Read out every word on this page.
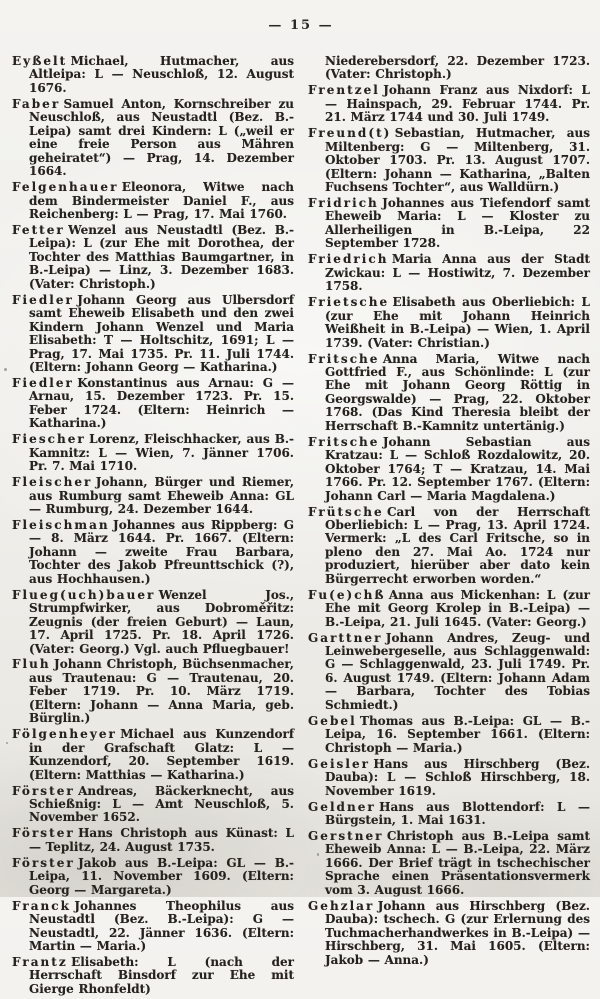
— 15 —

Eyßelt Michael, Hutmacher, aus Altleipa: L — Neuschloß, 12. August 1676.

Faber Samuel Anton, Kornschreiber zu Neuschloß, aus Neustadtl (Bez. B.-Leipa) samt drei Kindern: L („weil er eine freie Person aus Mähren geheiratet“) — Prag, 14. Dezember 1664.

Felgenhauer Eleonora, Witwe nach dem Bindermeister Daniel F., aus Reichenberg: L — Prag, 17. Mai 1760.

Fetter Wenzel aus Neustadtl (Bez. B.-Leipa): L (zur Ehe mit Dorothea, der Tochter des Matthias Baumgartner, in B.-Leipa) — Linz, 3. Dezember 1683. (Vater: Christoph.)

Fiedler Johann Georg aus Ulbersdorf samt Eheweib Elisabeth und den zwei Kindern Johann Wenzel und Maria Elisabeth: T — Holtschitz, 1691; L — Prag, 17. Mai 1735. Pr. 11. Juli 1744. (Eltern: Johann Georg — Katharina.)

Fiedler Konstantinus aus Arnau: G — Arnau, 15. Dezember 1723. Pr. 15. Feber 1724. (Eltern: Heinrich — Katharina.)

Fiescher Lorenz, Fleischhacker, aus B.-Kamnitz: L — Wien, 7. Jänner 1706. Pr. 7. Mai 1710.

Fleischer Johann, Bürger und Riemer, aus Rumburg samt Eheweib Anna: GL — Rumburg, 24. Dezember 1644.

Fleischman Johannes aus Rippberg: G — 8. März 1644. Pr. 1667. (Eltern: Johann — zweite Frau Barbara, Tochter des Jakob Pfreunttschick (?), aus Hochhausen.)

Flueg(uch)bauer Wenzel Jos., Strumpfwirker, aus Dobroměřitz: Zeugnis (der freien Geburt) — Laun, 17. April 1725. Pr. 18. April 1726. (Vater: Georg.) Vgl. auch Pfluegbauer!

Fluh Johann Christoph, Büchsenmacher, aus Trautenau: G — Trautenau, 20. Feber 1719. Pr. 10. März 1719. (Eltern: Johann — Anna Maria, geb. Bürglin.)

Fölgenheyer Michael aus Kunzendorf in der Grafschaft Glatz: L — Kunzendorf, 20. September 1619. (Eltern: Matthias — Katharina.)

Förster Andreas, Bäckerknecht, aus Schießnig: L — Amt Neuschloß, 5. November 1652.

Förster Hans Christoph aus Künast: L — Teplitz, 24. August 1735.

Förster Jakob aus B.-Leipa: GL — B.-Leipa, 11. November 1609. (Eltern: Georg — Margareta.)

Franck Johannes Theophilus aus Neustadtl (Bez. B.-Leipa): G — Neustadtl, 22. Jänner 1636. (Eltern: Martin — Maria.)

Frantz Elisabeth: L (nach der Herrschaft Binsdorf zur Ehe mit Gierge Rhonfeldt)

Niederebersdorf, 22. Dezember 1723. (Vater: Christoph.)

Frentzel Johann Franz aus Nixdorf: L — Hainspach, 29. Februar 1744. Pr. 21. März 1744 und 30. Juli 1749.

Freund(t) Sebastian, Hutmacher, aus Miltenberg: G — Miltenberg, 31. Oktober 1703. Pr. 13. August 1707. (Eltern: Johann — Katharina, „Balten Fuchsens Tochter“, aus Walldürn.)

Fridrich Johannes aus Tiefendorf samt Eheweib Maria: L — Kloster zu Allerheiligen in B.-Leipa, 22 September 1728.

Friedrich Maria Anna aus der Stadt Zwickau: L — Hostiwitz, 7. Dezember 1758.

Frietsche Elisabeth aus Oberliebich: L (zur Ehe mit Johann Heinrich Weißheit in B.-Leipa) — Wien, 1. April 1739. (Vater: Christian.)

Fritsche Anna Maria, Witwe nach Gottfried F., aus Schönlinde: L (zur Ehe mit Johann Georg Röttig in Georgswalde) — Prag, 22. Oktober 1768. (Das Kind Theresia bleibt der Herrschaft B.-Kamnitz untertänig.)

Fritsche Johann Sebastian aus Kratzau: L — Schloß Rozdalowitz, 20. Oktober 1764; T — Kratzau, 14. Mai 1766. Pr. 12. September 1767. (Eltern: Johann Carl — Maria Magdalena.)

Frütsche Carl von der Herrschaft Oberliebich: L — Prag, 13. April 1724. Vermerk: „L des Carl Fritsche, so in pleno den 27. Mai Ao. 1724 nur produziert, hierüber aber dato kein Bürgerrecht erworben worden.“

Fu(e)chß Anna aus Mickenhan: L (zur Ehe mit Georg Krolep in B.-Leipa) — B.-Leipa, 21. Juli 1645. (Vater: Georg.)

Garttner Johann Andres, Zeug- und Leinwebergeselle, aus Schlaggenwald: G — Schlaggenwald, 23. Juli 1749. Pr. 6. August 1749. (Eltern: Johann Adam — Barbara, Tochter des Tobias Schmiedt.)

Gebel Thomas aus B.-Leipa: GL — B.-Leipa, 16. September 1661. (Eltern: Christoph — Maria.)

Geisler Hans aus Hirschberg (Bez. Dauba): L — Schloß Hirschberg, 18. November 1619.

Geldner Hans aus Blottendorf: L — Bürgstein, 1. Mai 1631.

Gerstner Christoph aus B.-Leipa samt Eheweib Anna: L — B.-Leipa, 22. März 1666. Der Brief trägt in tschechischer Sprache einen Präsentationsvermerk vom 3. August 1666.

Gehzlar Johann aus Hirschberg (Bez. Dauba): tschech. G (zur Erlernung des Tuchmacherhandwerkes in B.-Leipa) — Hirschberg, 31. Mai 1605. (Eltern: Jakob — Anna.)
